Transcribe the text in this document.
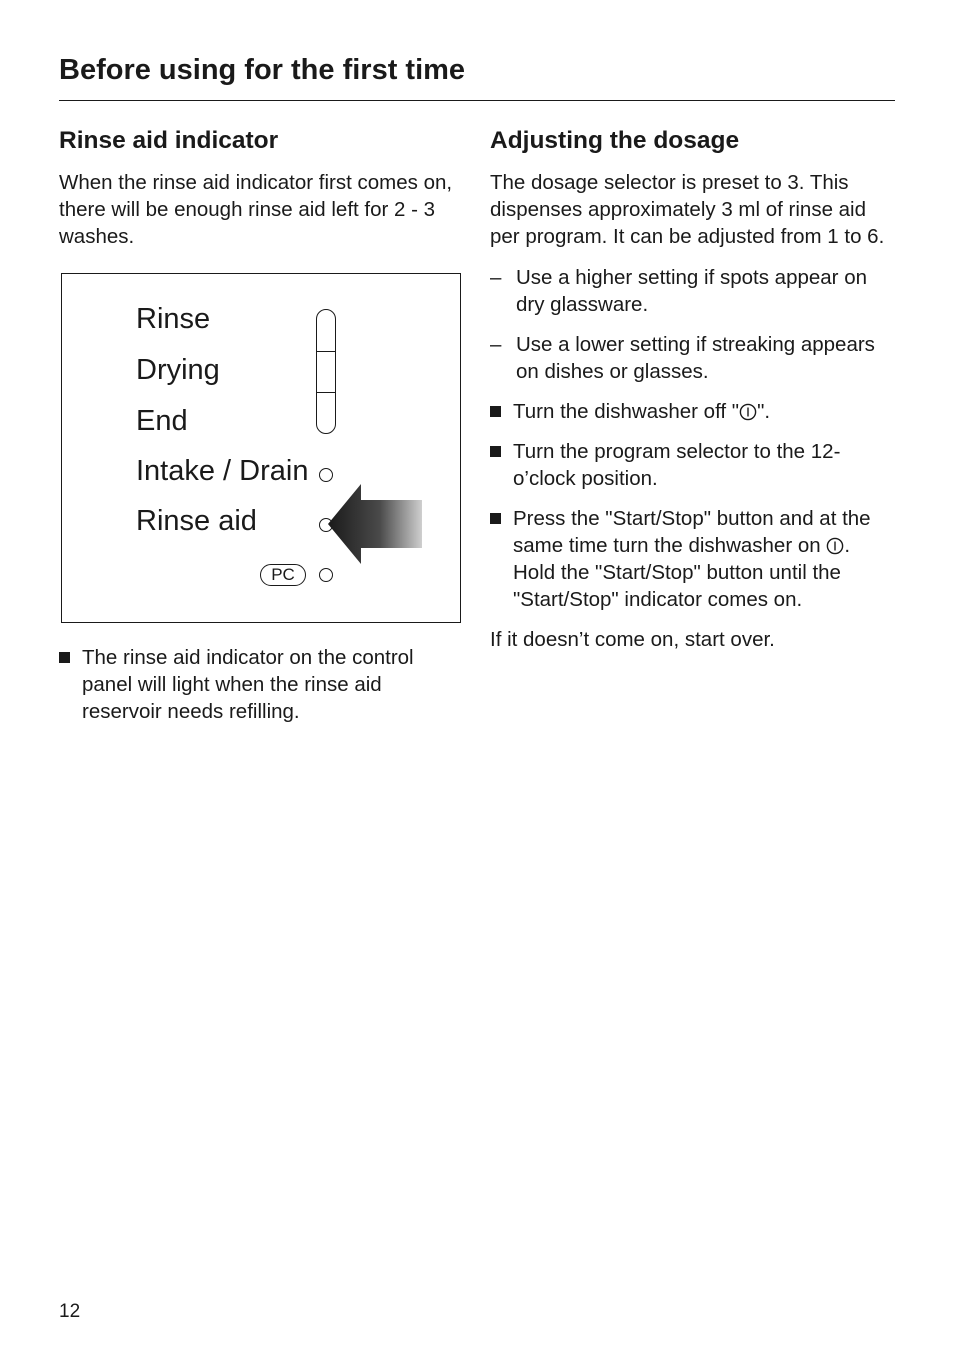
Before using for the first time
Rinse aid indicator

When the rinse aid indicator first comes on, there will be enough rinse aid left for 2 - 3 washes.

Rinse
Drying
End
Intake / Drain
Rinse aid
PC
The rinse aid indicator on the control panel will light when the rinse aid reservoir needs refilling.
Adjusting the dosage

The dosage selector is preset to 3. This dispenses approximately 3 ml of rinse aid per program. It can be adjusted from 1 to 6.

– Use a higher setting if spots appear on dry glassware.
– Use a lower setting if streaking appears on dishes or glasses.
Turn the dishwasher off " ".
Turn the program selector to the 12-o’clock position.
Press the "Start/Stop" button and at the same time turn the dishwasher on . Hold the "Start/Stop" button until the "Start/Stop" indicator comes on.

If it doesn’t come on, start over.

12
